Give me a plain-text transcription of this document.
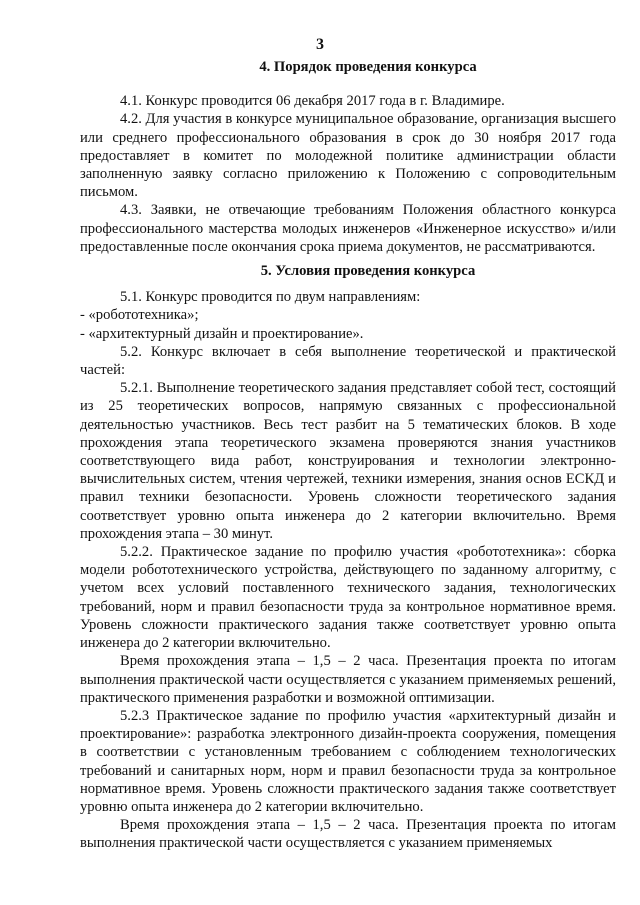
3
4. Порядок проведения конкурса

4.1. Конкурс проводится 06 декабря 2017 года в г. Владимире.

4.2. Для участия в конкурсе муниципальное образование, организация высшего или среднего профессионального образования в срок до 30 ноября 2017 года предоставляет в комитет по молодежной политике администрации области заполненную заявку согласно приложению к Положению с сопроводительным письмом.

4.3. Заявки, не отвечающие требованиям Положения областного конкурса профессионального мастерства молодых инженеров «Инженерное искусство» и/или предоставленные после окончания срока приема документов, не рассматриваются.

5. Условия проведения конкурса

5.1. Конкурс проводится по двум направлениям:

- «робототехника»;

- «архитектурный дизайн и проектирование».

5.2. Конкурс включает в себя выполнение теоретической и практической частей:

5.2.1. Выполнение теоретического задания представляет собой тест, состоящий из 25 теоретических вопросов, напрямую связанных с профессиональной деятельностью участников. Весь тест разбит на 5 тематических блоков. В ходе прохождения этапа теоретического экзамена проверяются знания участников соответствующего вида работ, конструирования и технологии электронно-вычислительных систем, чтения чертежей, техники измерения, знания основ ЕСКД и правил техники безопасности. Уровень сложности теоретического задания соответствует уровню опыта инженера до 2 категории включительно. Время прохождения этапа – 30 минут.

5.2.2. Практическое задание по профилю участия «робототехника»: сборка модели робототехнического устройства, действующего по заданному алгоритму, с учетом всех условий поставленного технического задания, технологических требований, норм и правил безопасности труда за контрольное нормативное время. Уровень сложности практического задания также соответствует уровню опыта инженера до 2 категории включительно.

Время прохождения этапа – 1,5 – 2 часа. Презентация проекта по итогам выполнения практической части осуществляется с указанием применяемых решений, практического применения разработки и возможной оптимизации.

5.2.3 Практическое задание по профилю участия «архитектурный дизайн и проектирование»: разработка электронного дизайн-проекта сооружения, помещения в соответствии с установленным требованием с соблюдением технологических требований и санитарных норм, норм и правил безопасности труда за контрольное нормативное время. Уровень сложности практического задания также соответствует уровню опыта инженера до 2 категории включительно.

Время прохождения этапа – 1,5 – 2 часа. Презентация проекта по итогам выполнения практической части осуществляется с указанием применяемых
